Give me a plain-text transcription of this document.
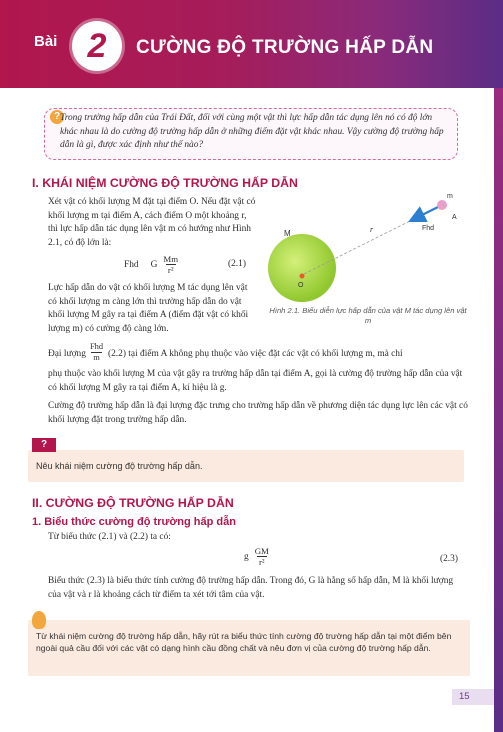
Bài 2 CƯỜNG ĐỘ TRƯỜNG HẤP DẪN
? Trong trường hấp dẫn của Trái Đất, đối với cùng một vật thì lực hấp dẫn tác dụng lên nó có độ lớn khác nhau là do cường độ trường hấp dẫn ở những điểm đặt vật khác nhau. Vậy cường độ trường hấp dẫn là gì, được xác định như thế nào?
I. KHÁI NIỆM CƯỜNG ĐỘ TRƯỜNG HẤP DẪN
Xét vật có khối lượng M đặt tại điểm O. Nếu đặt vật có khối lượng m tại điểm A, cách điểm O một khoảng r, thì lực hấp dẫn tác dụng lên vật m có hướng như Hình 2.1, có độ lớn là:
Fhd G $\frac{Mm}{\text{r²}}$	(2.1)
Lực hấp dẫn do vật có khối lượng M tác dụng lên vật có khối lượng m càng lớn thì trường hấp dẫn do vật khối lượng M gây ra tại điểm A (điểm đặt vật có khối lượng m) có cường độ càng lớn.
M
O
r
m
A
Fhd
Hình 2.1. Biểu diễn lực hấp dẫn của vật M tác dụng lên vật m
Đại lượng
Fhd
m (2.2) tại điểm A không phụ thuộc vào việc đặt các vật có khối lượng m, mà chỉ
phụ thuộc vào khối lượng M của vật gây ra trường hấp dẫn tại điểm A, gọi là cường độ trường hấp dẫn của vật có khối lượng M gây ra tại điểm A, kí hiệu là g.
Cường độ trường hấp dẫn là đại lượng đặc trưng cho trường hấp dẫn về phương diện tác dụng lực lên các vật có khối lượng đặt trong trường hấp dẫn.
?
Nêu khái niệm cường độ trường hấp dẫn.
II. CƯỜNG ĐỘ TRƯỜNG HẤP DẪN
1. Biểu thức cường độ trường hấp dẫn
Từ biểu thức (2.1) và (2.2) ta có:
g $\frac{GM}{\text{r²}}$	(2.3)
Biểu thức (2.3) là biểu thức tính cường độ trường hấp dẫn. Trong đó, G là hằng số hấp dẫn, M là khối lượng của vật và r là khoảng cách từ điểm ta xét tới tâm của vật.
Từ khái niệm cường độ trường hấp dẫn, hãy rút ra biểu thức tính cường độ trường hấp dẫn tại một điểm bên ngoài quả cầu đối với các vật có dạng hình cầu đồng chất và nêu đơn vị của cường độ trường hấp dẫn.
15
